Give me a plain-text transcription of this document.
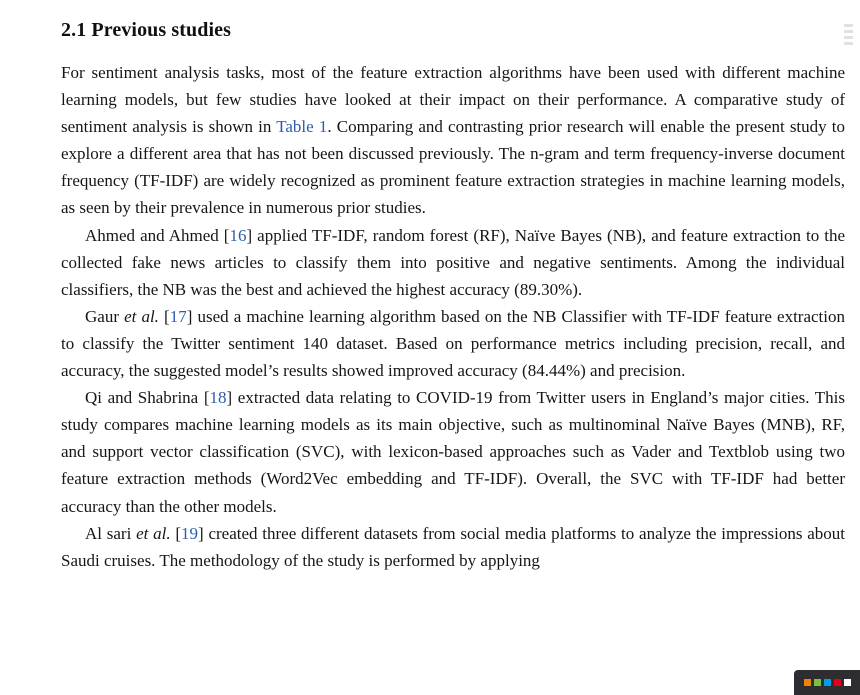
2.1 Previous studies

For sentiment analysis tasks, most of the feature extraction algorithms have been used with different machine learning models, but few studies have looked at their impact on their performance. A comparative study of sentiment analysis is shown in Table 1. Comparing and contrasting prior research will enable the present study to explore a different area that has not been discussed previously. The n-gram and term frequency-inverse document frequency (TF-IDF) are widely recognized as prominent feature extraction strategies in machine learning models, as seen by their prevalence in numerous prior studies.

Ahmed and Ahmed [16] applied TF-IDF, random forest (RF), Naïve Bayes (NB), and feature extraction to the collected fake news articles to classify them into positive and negative sentiments. Among the individual classifiers, the NB was the best and achieved the highest accuracy (89.30%).

Gaur et al. [17] used a machine learning algorithm based on the NB Classifier with TF-IDF feature extraction to classify the Twitter sentiment 140 dataset. Based on performance metrics including precision, recall, and accuracy, the suggested model’s results showed improved accuracy (84.44%) and precision.

Qi and Shabrina [18] extracted data relating to COVID-19 from Twitter users in England’s major cities. This study compares machine learning models as its main objective, such as multinominal Naïve Bayes (MNB), RF, and support vector classification (SVC), with lexicon-based approaches such as Vader and Textblob using two feature extraction methods (Word2Vec embedding and TF-IDF). Overall, the SVC with TF-IDF had better accuracy than the other models.

Al sari et al. [19] created three different datasets from social media platforms to analyze the impressions about Saudi cruises. The methodology of the study is performed by applying
